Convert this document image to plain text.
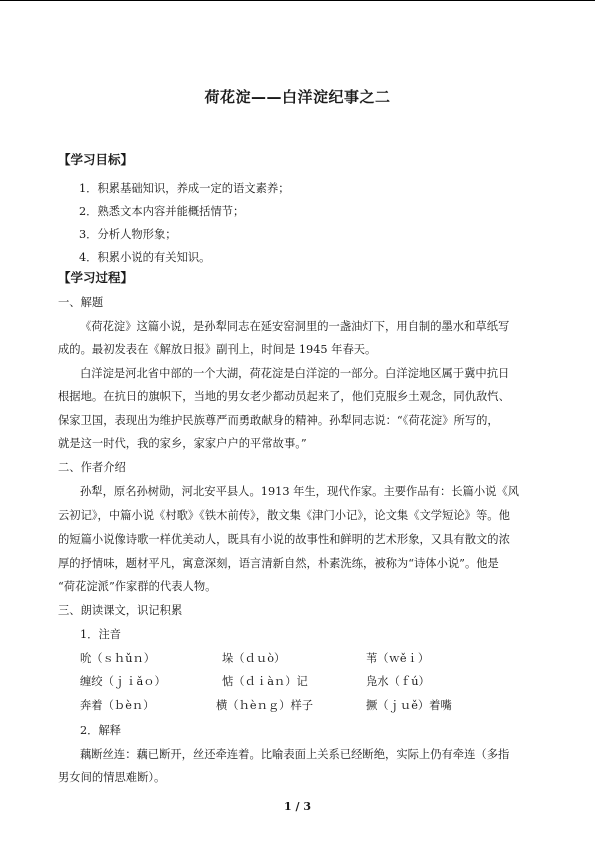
荷花淀——白洋淀纪事之二
【学习目标】
1．积累基础知识，养成一定的语文素养；
2．熟悉文本内容并能概括情节；
3．分析人物形象；
4．积累小说的有关知识。
【学习过程】
一、解题
《荷花淀》这篇小说，是孙犁同志在延安窑洞里的一盏油灯下，用自制的墨水和草纸写
成的。最初发表在《解放日报》副刊上，时间是 1945 年春天。
白洋淀是河北省中部的一个大湖，荷花淀是白洋淀的一部分。白洋淀地区属于冀中抗日
根据地。在抗日的旗帜下，当地的男女老少都动员起来了，他们克服乡土观念，同仇敌忾、
保家卫国，表现出为维护民族尊严而勇敢献身的精神。孙犁同志说：“《荷花淀》所写的，
就是这一时代，我的家乡，家家户户的平常故事。”
二、作者介绍
孙犁，原名孙树勋，河北安平县人。1913 年生，现代作家。主要作品有：长篇小说《风
云初记》，中篇小说《村歌》《铁木前传》，散文集《津门小记》，论文集《文学短论》等。他
的短篇小说像诗歌一样优美动人，既具有小说的故事性和鲜明的艺术形象，又具有散文的浓
厚的抒情味，题材平凡，寓意深刻，语言清新自然，朴素洗练，被称为“诗体小说”。他是
“荷花淀派”作家群的代表人物。
三、朗读课文，识记积累
1．注音
吮（ｓｈǔｎ）	垛（ｄｕò）	苇（ｗěｉ）
缠绞（ｊｉǎｏ）	惦（ｄｉàｎ）记	凫水（ｆú）
奔着（ｂèｎ）	横（ｈèｎｇ）样子	撅（ｊｕě）着嘴
2．解释
藕断丝连：藕已断开，丝还牵连着。比喻表面上关系已经断绝，实际上仍有牵连（多指
男女间的情思难断）。
1 / 3
